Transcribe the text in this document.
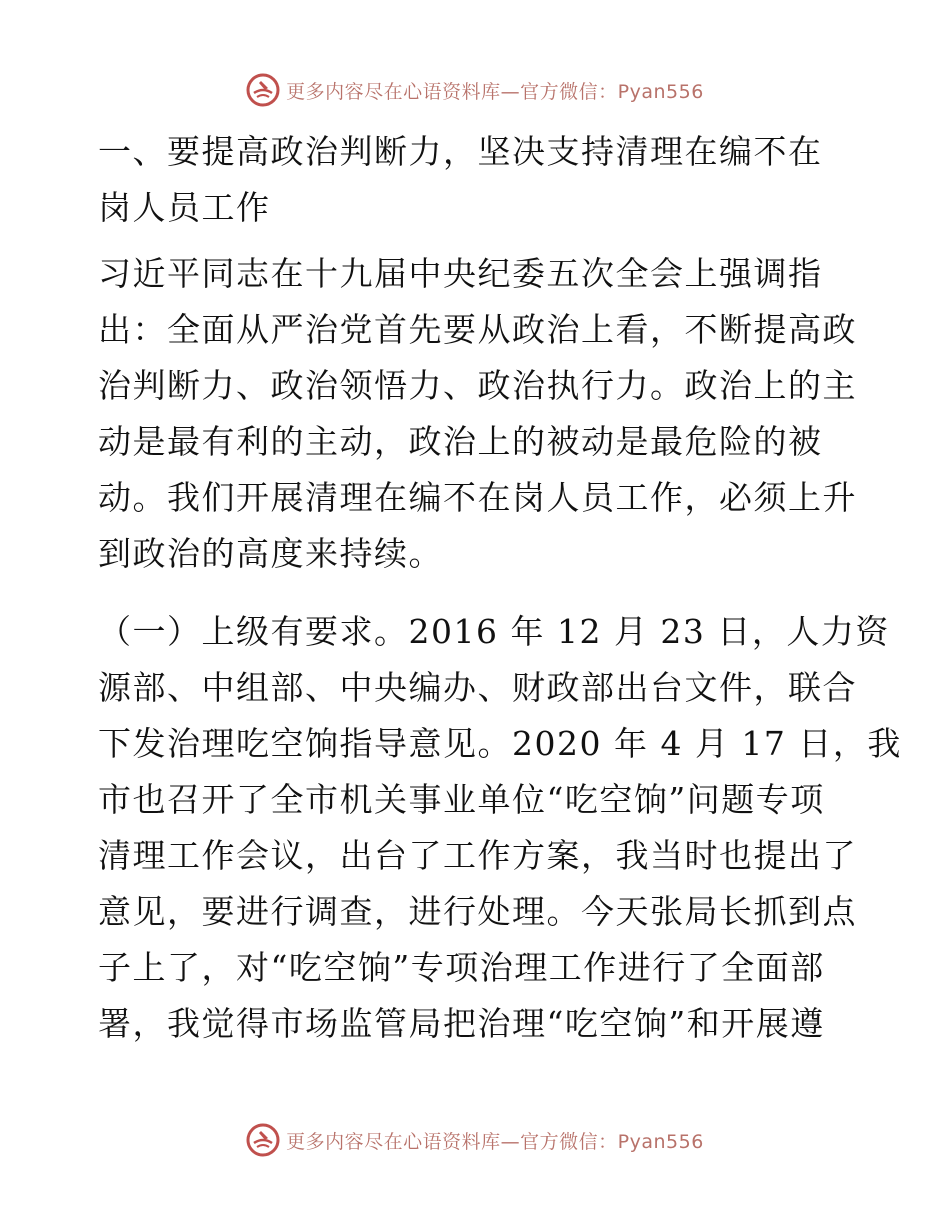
更多内容尽在心语资料库—官方微信：Pyan556
一、要提高政治判断力，坚决支持清理在编不在
岗人员工作
习近平同志在十九届中央纪委五次全会上强调指
出：全面从严治党首先要从政治上看，不断提高政
治判断力、政治领悟力、政治执行力。政治上的主
动是最有利的主动，政治上的被动是最危险的被
动。我们开展清理在编不在岗人员工作，必须上升
到政治的高度来持续。
（一）上级有要求。2016 年 12 月 23 日，人力资
源部、中组部、中央编办、财政部出台文件，联合
下发治理吃空饷指导意见。2020 年 4 月 17 日，我
市也召开了全市机关事业单位“吃空饷”问题专项
清理工作会议，出台了工作方案，我当时也提出了
意见，要进行调查，进行处理。今天张局长抓到点
子上了，对“吃空饷”专项治理工作进行了全面部
署，我觉得市场监管局把治理“吃空饷”和开展遵
更多内容尽在心语资料库—官方微信：Pyan556
